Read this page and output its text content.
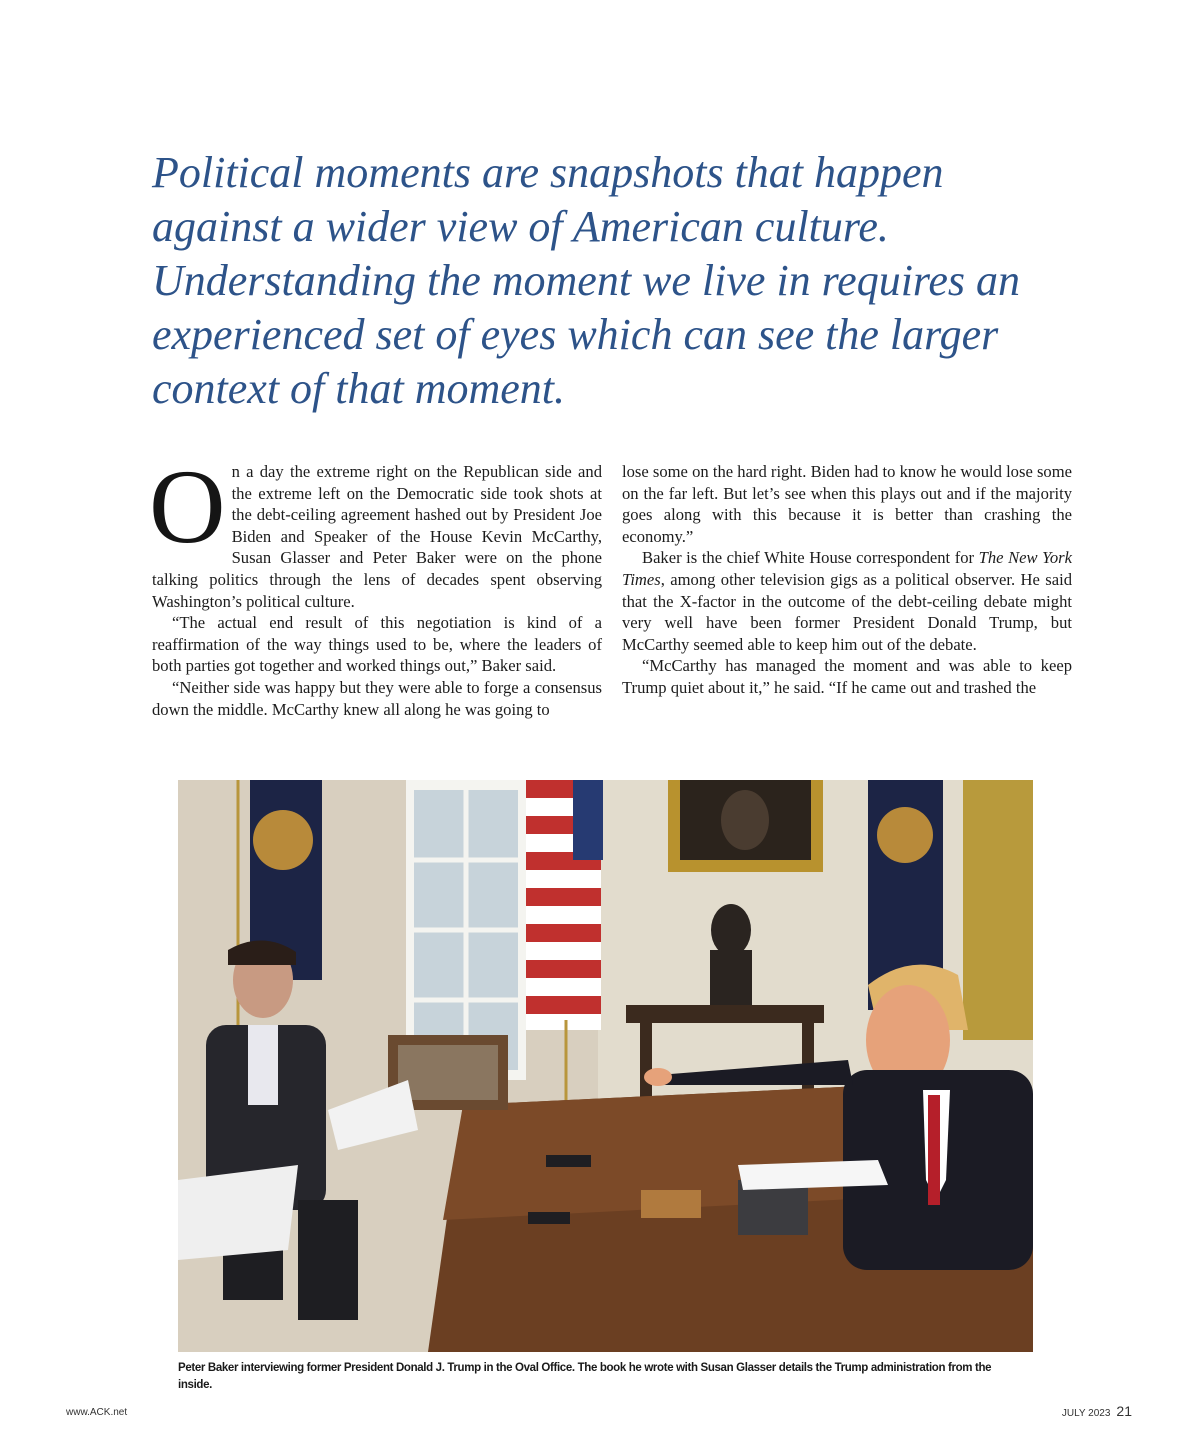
Political moments are snapshots that happen against a wider view of American culture. Understanding the moment we live in requires an experienced set of eyes which can see the larger context of that moment.

On a day the extreme right on the Republican side and the extreme left on the Democratic side took shots at the debt-ceiling agreement hashed out by President Joe Biden and Speaker of the House Kevin McCarthy, Susan Glasser and Peter Baker were on the phone talking politics through the lens of decades spent observing Washington’s political culture.

“The actual end result of this negotiation is kind of a reaffirmation of the way things used to be, where the leaders of both parties got together and worked things out,” Baker said.

“Neither side was happy but they were able to forge a consensus down the middle. McCarthy knew all along he was going to

lose some on the hard right. Biden had to know he would lose some on the far left. But let’s see when this plays out and if the majority goes along with this because it is better than crashing the economy.”

Baker is the chief White House correspondent for The New York Times, among other television gigs as a political observer. He said that the X-factor in the outcome of the debt-ceiling debate might very well have been former President Donald Trump, but McCarthy seemed able to keep him out of the debate.

“McCarthy has managed the moment and was able to keep Trump quiet about it,” he said. “If he came out and trashed the

Peter Baker interviewing former President Donald J. Trump in the Oval Office. The book he wrote with Susan Glasser details the Trump administration from the inside.
www.ACK.net	JULY 2023 21
